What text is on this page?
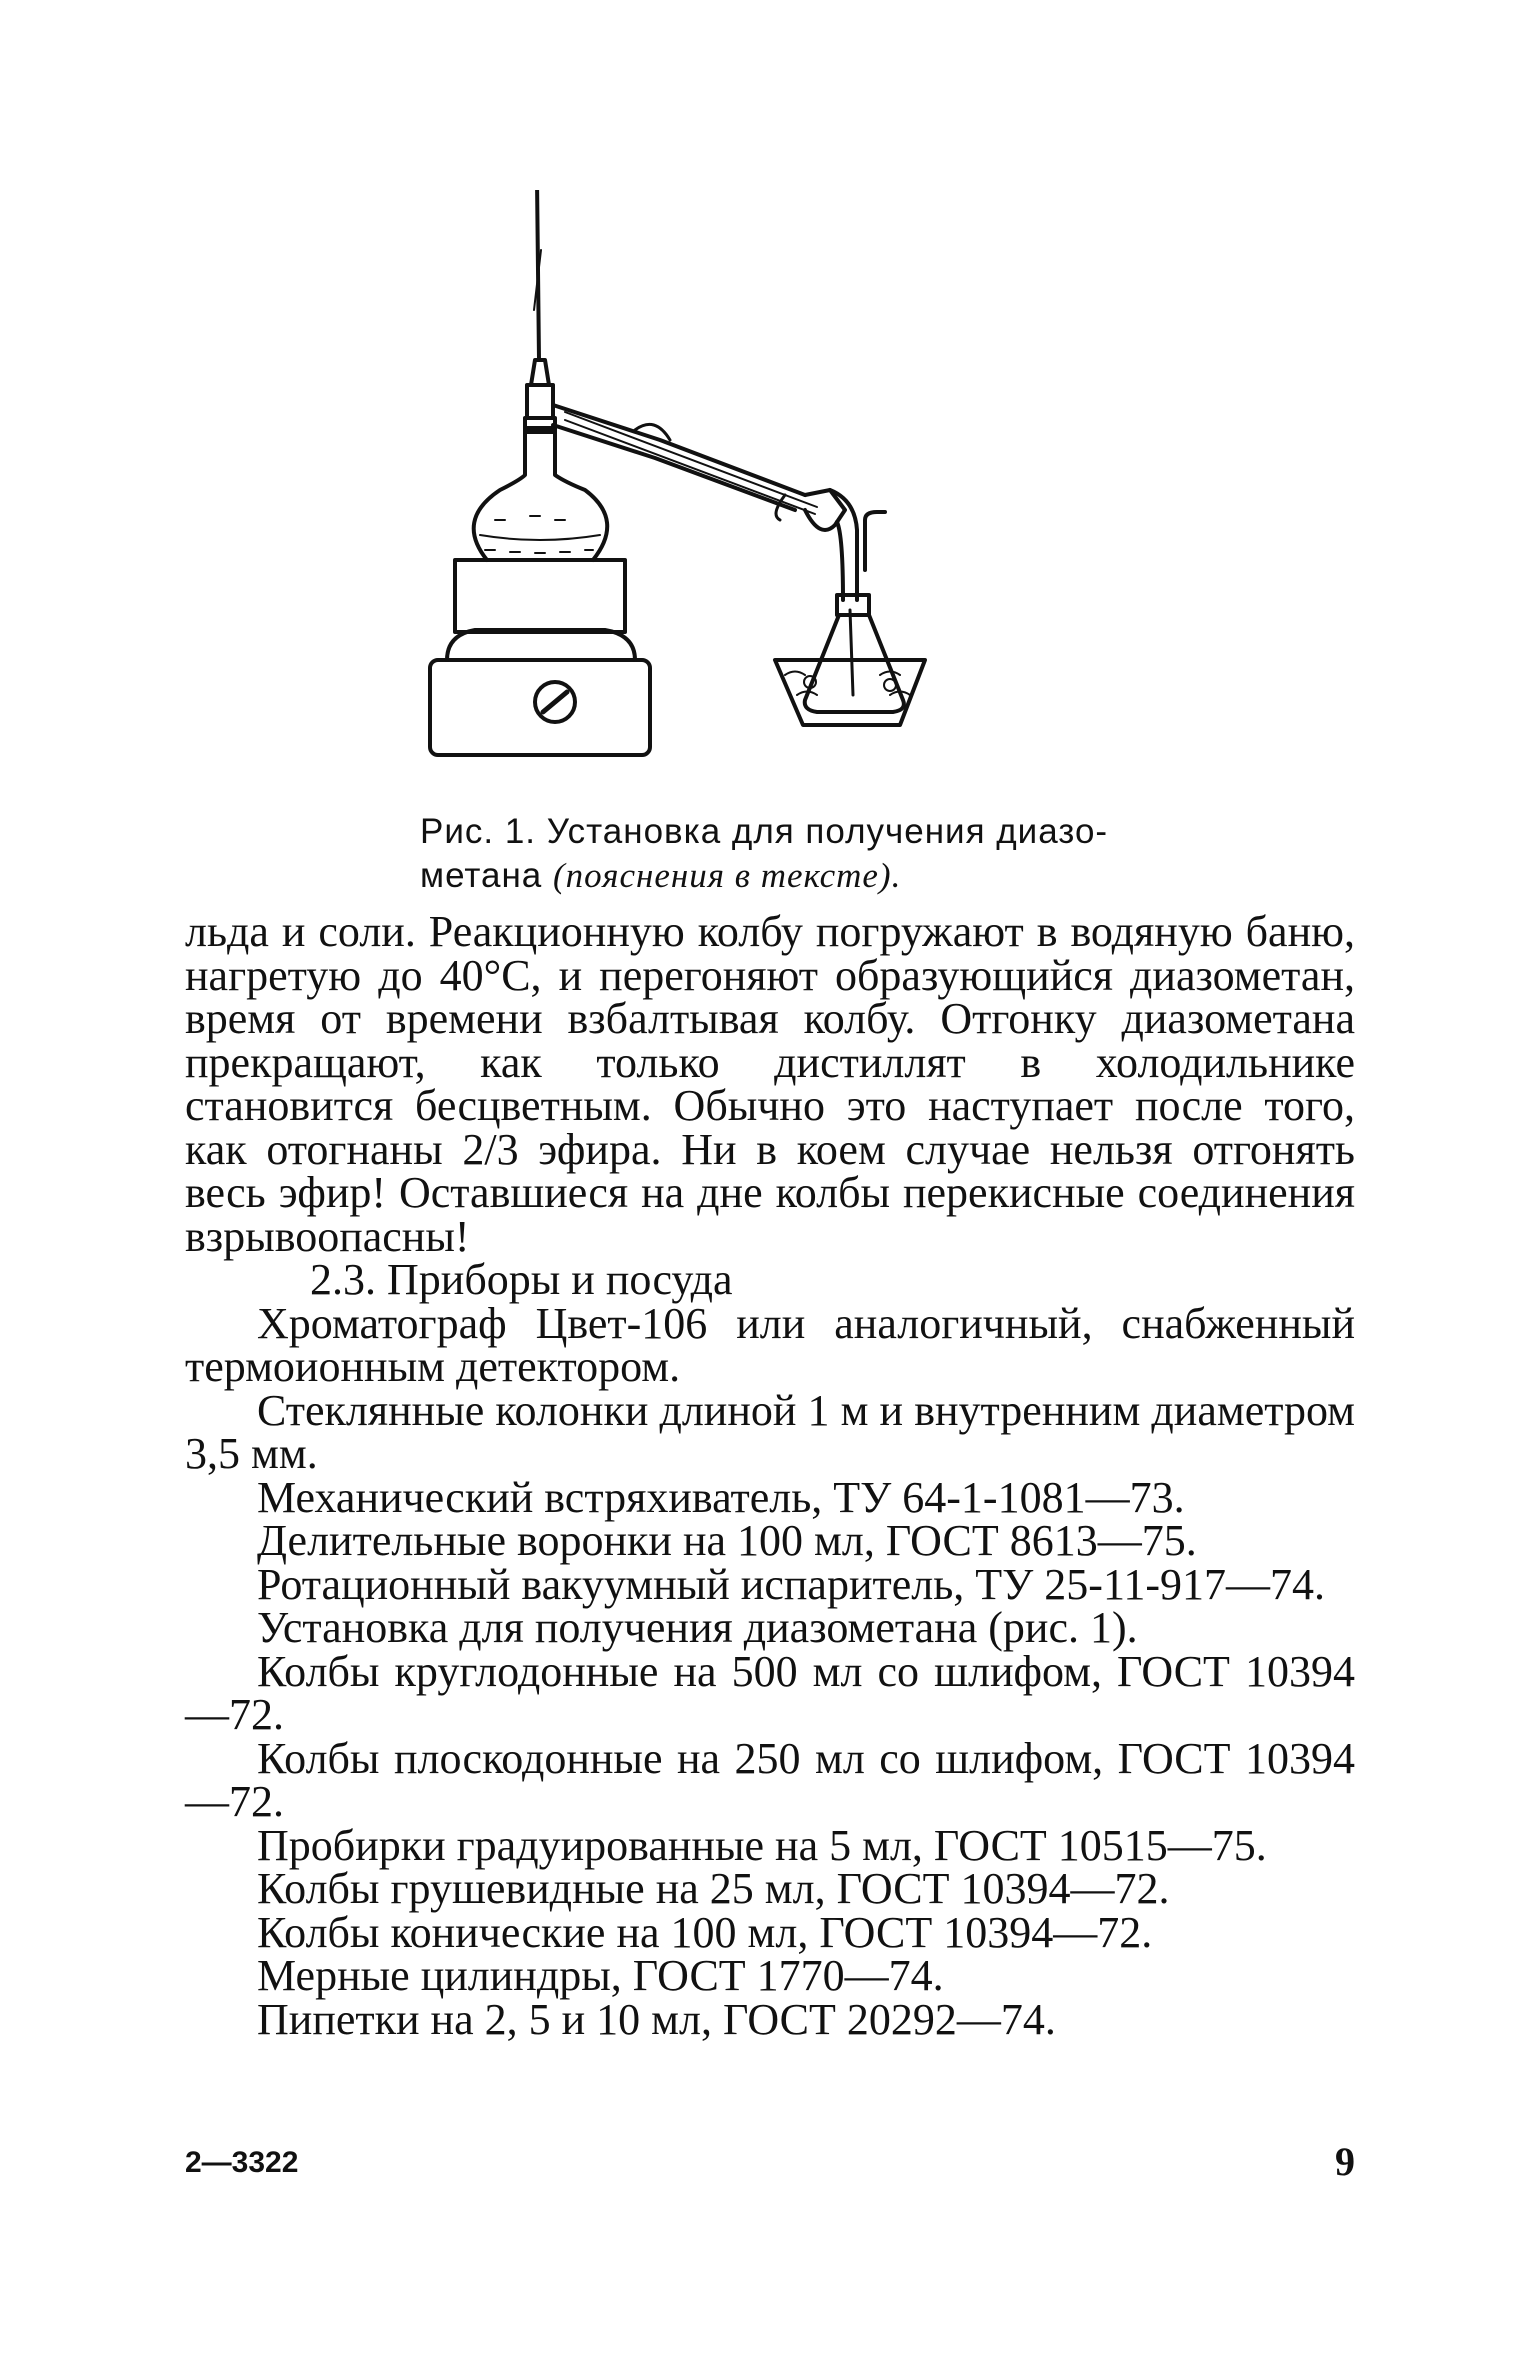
Рис. 1. Установка для получения диазо-
метана (пояснения в тексте).

льда и соли. Реакционную колбу погружают в водяную баню, нагретую до 40°С, и перегоняют образующийся диазометан, время от времени взбалтывая колбу. Отгонку диазометана прекращают, как только дистиллят в холодильнике становится бесцветным. Обычно это наступает после того, как отогнаны 2/3 эфира. Ни в коем случае нельзя отгонять весь эфир! Оставшиеся на дне колбы перекисные соединения взрывоопасны!

2.3. Приборы и посуда

Хроматограф Цвет-106 или аналогичный, снабженный термоионным детектором.

Стеклянные колонки длиной 1 м и внутренним диаметром 3,5 мм.

Механический встряхиватель, ТУ 64-1-1081—73.

Делительные воронки на 100 мл, ГОСТ 8613—75.

Ротационный вакуумный испаритель, ТУ 25-11-917—74.

Установка для получения диазометана (рис. 1).

Колбы круглодонные на 500 мл со шлифом, ГОСТ 10394—72.

Колбы плоскодонные на 250 мл со шлифом, ГОСТ 10394—72.

Пробирки градуированные на 5 мл, ГОСТ 10515—75.

Колбы грушевидные на 25 мл, ГОСТ 10394—72.

Колбы конические на 100 мл, ГОСТ 10394—72.

Мерные цилиндры, ГОСТ 1770—74.

Пипетки на 2, 5 и 10 мл, ГОСТ 20292—74.

2—3322	9
